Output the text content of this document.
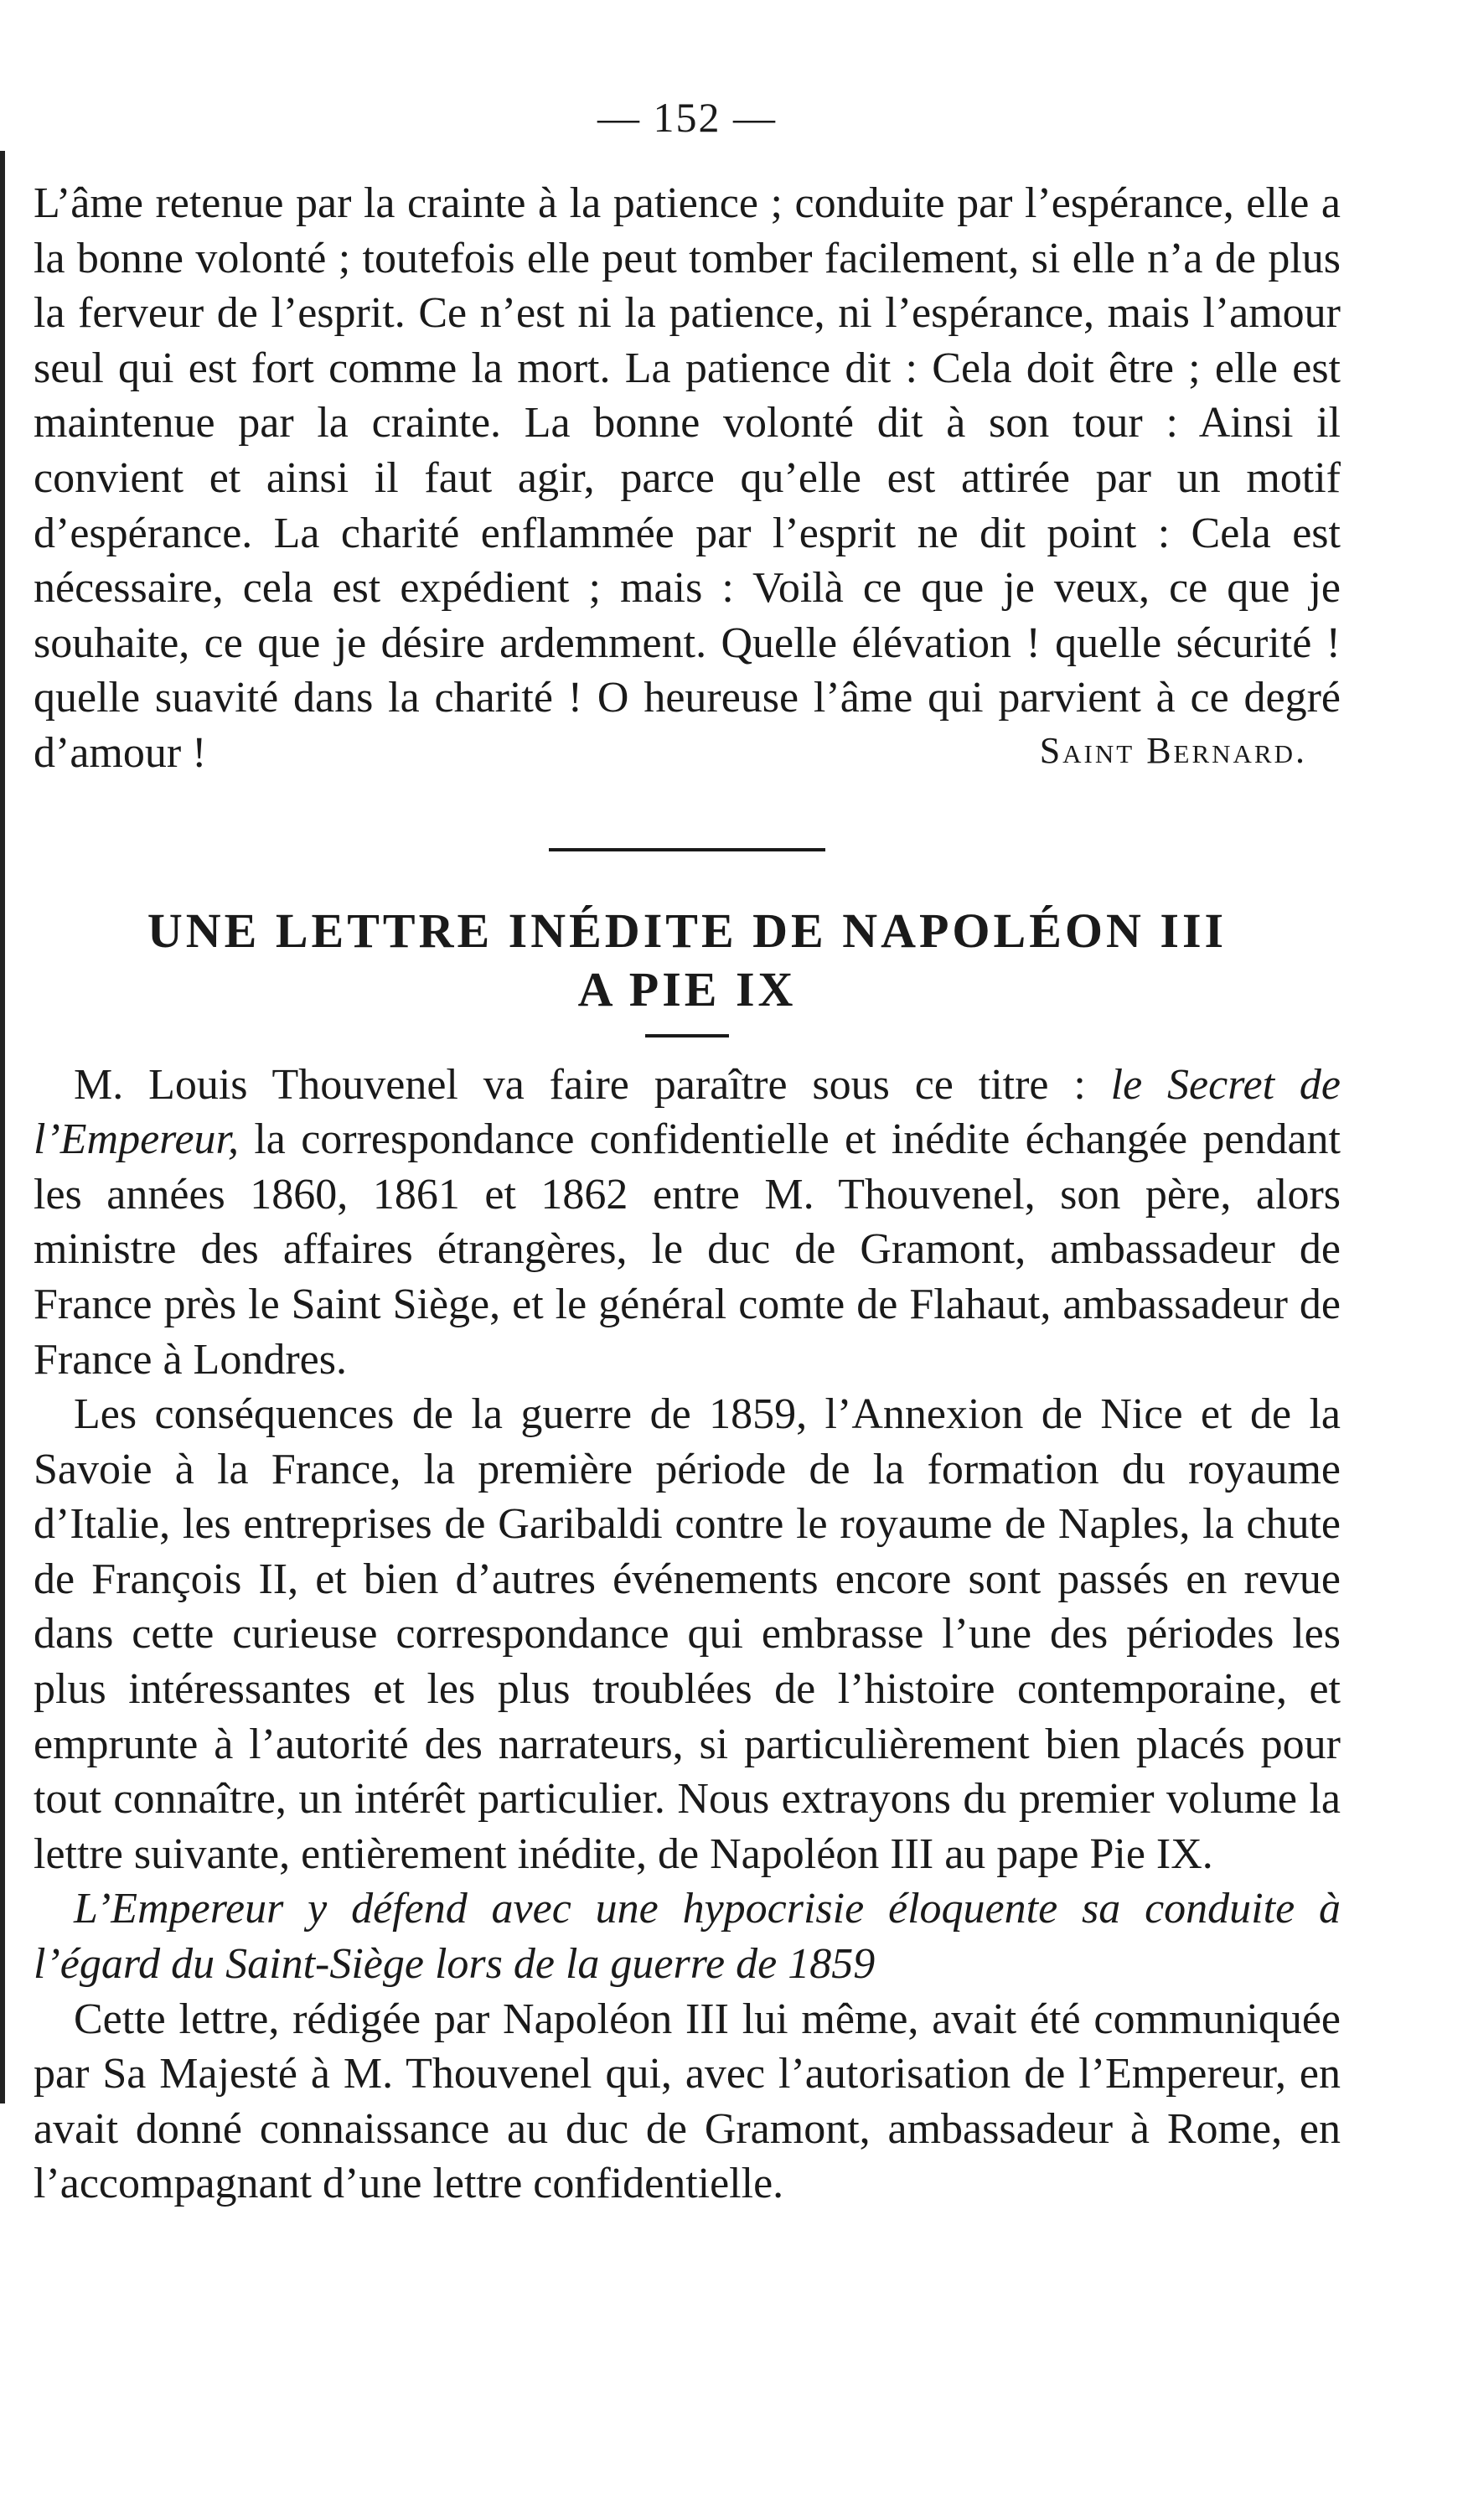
— 152 —

L’âme retenue par la crainte à la patience ; conduite par l’espérance, elle a la bonne volonté ; toutefois elle peut tomber facilement, si elle n’a de plus la ferveur de l’esprit. Ce n’est ni la patience, ni l’espérance, mais l’amour seul qui est fort comme la mort. La patience dit : Cela doit être ; elle est maintenue par la crainte. La bonne volonté dit à son tour : Ainsi il convient et ainsi il faut agir, parce qu’elle est attirée par un motif d’espérance. La charité enflammée par l’esprit ne dit point : Cela est nécessaire, cela est expédient ; mais : Voilà ce que je veux, ce que je souhaite, ce que je désire ardemment. Quelle élévation ! quelle sécurité ! quelle suavité dans la charité ! O heureuse l’âme qui parvient à ce degré d’amour !	Saint Bernard.
UNE LETTRE INÉDITE DE NAPOLÉON III
A PIE IX

M. Louis Thouvenel va faire paraître sous ce titre : le Secret de l’Empereur, la correspondance confidentielle et inédite échangée pendant les années 1860, 1861 et 1862 entre M. Thouvenel, son père, alors ministre des affaires étrangères, le duc de Gramont, ambassadeur de France près le Saint Siège, et le général comte de Flahaut, ambassadeur de France à Londres.

Les conséquences de la guerre de 1859, l’Annexion de Nice et de la Savoie à la France, la première période de la formation du royaume d’Italie, les entreprises de Garibaldi contre le royaume de Naples, la chute de François II, et bien d’autres événements encore sont passés en revue dans cette curieuse correspondance qui embrasse l’une des périodes les plus intéressantes et les plus troublées de l’histoire contemporaine, et emprunte à l’autorité des narrateurs, si particulièrement bien placés pour tout connaître, un intérêt particulier. Nous extrayons du premier volume la lettre suivante, entièrement inédite, de Napoléon III au pape Pie IX.

L’Empereur y défend avec une hypocrisie éloquente sa conduite à l’égard du Saint-Siège lors de la guerre de 1859

Cette lettre, rédigée par Napoléon III lui même, avait été communiquée par Sa Majesté à M. Thouvenel qui, avec l’autorisation de l’Empereur, en avait donné connaissance au duc de Gramont, ambassadeur à Rome, en l’accompagnant d’une lettre confidentielle.
